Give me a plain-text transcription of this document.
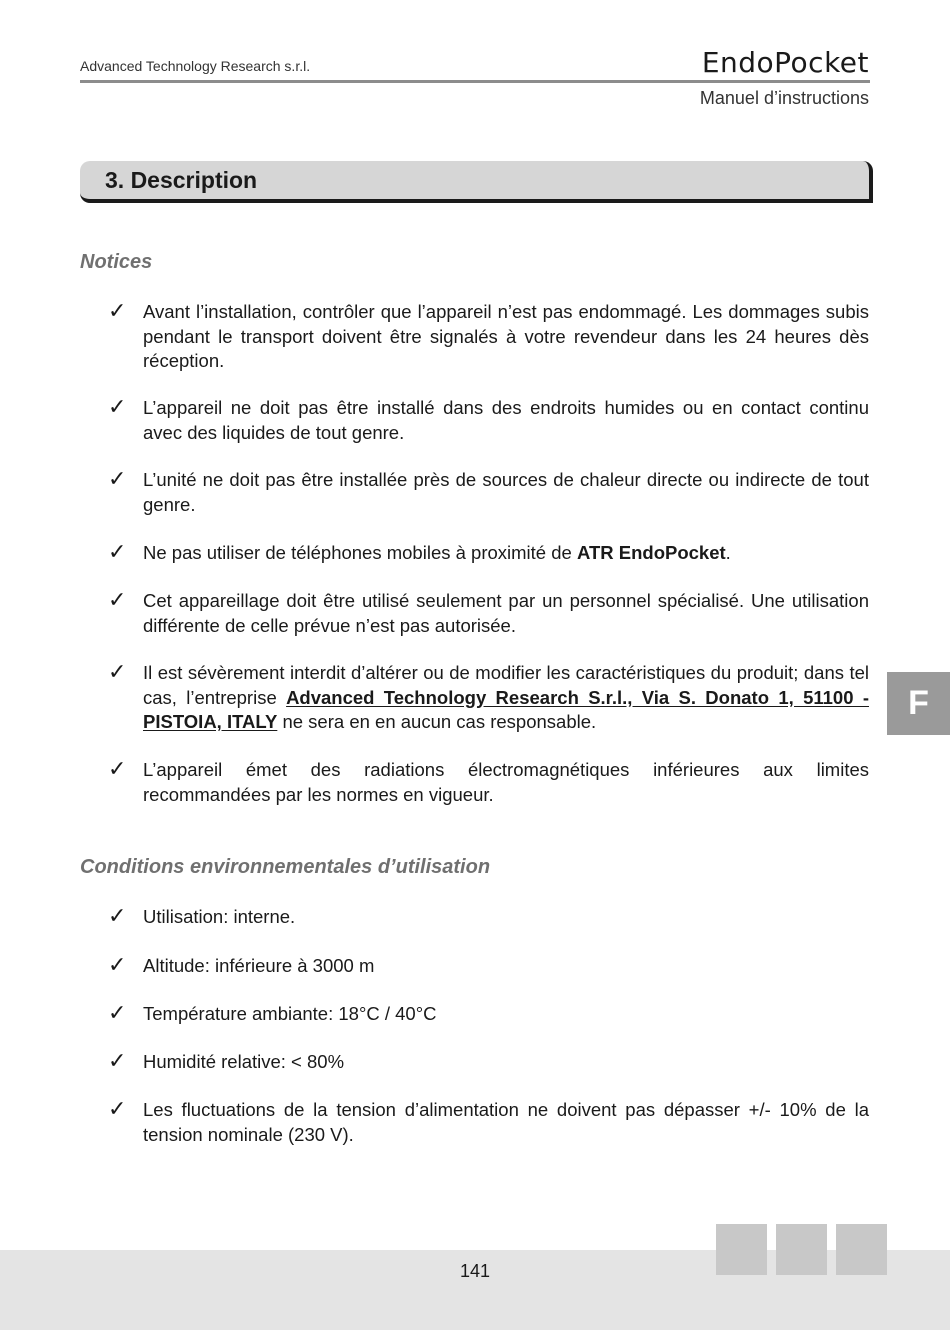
Advanced Technology Research s.r.l.	EndoPocket
Manuel d’instructions
3. Description
Notices
✓ Avant l’installation, contrôler que l’appareil n’est pas endommagé. Les dommages subis pendant le transport doivent être signalés à votre revendeur dans les 24 heures dès réception.
✓ L’appareil ne doit pas être installé dans des endroits humides ou en contact continu avec des liquides de tout genre.
✓ L’unité ne doit pas être installée près de sources de chaleur directe ou indirecte de tout genre.
✓ Ne pas utiliser de téléphones mobiles à proximité de ATR EndoPocket.
✓ Cet appareillage doit être utilisé seulement par un personnel spécialisé. Une utilisation différente de celle prévue n’est pas autorisée.
✓ Il est sévèrement interdit d’altérer ou de modifier les caractéristiques du produit; dans tel cas, l’entreprise Advanced Technology Research S.r.l., Via S. Donato 1, 51100 - PISTOIA, ITALY ne sera en en aucun cas responsable.
✓ L’appareil émet des radiations électromagnétiques inférieures aux limites recommandées par les normes en vigueur.
Conditions environnementales d’utilisation
✓ Utilisation: interne.
✓ Altitude: inférieure à 3000 m
✓ Température ambiante: 18°C / 40°C
✓ Humidité relative: < 80%
✓ Les fluctuations de la tension d’alimentation ne doivent pas dépasser +/- 10% de la tension nominale (230 V).
F
141
